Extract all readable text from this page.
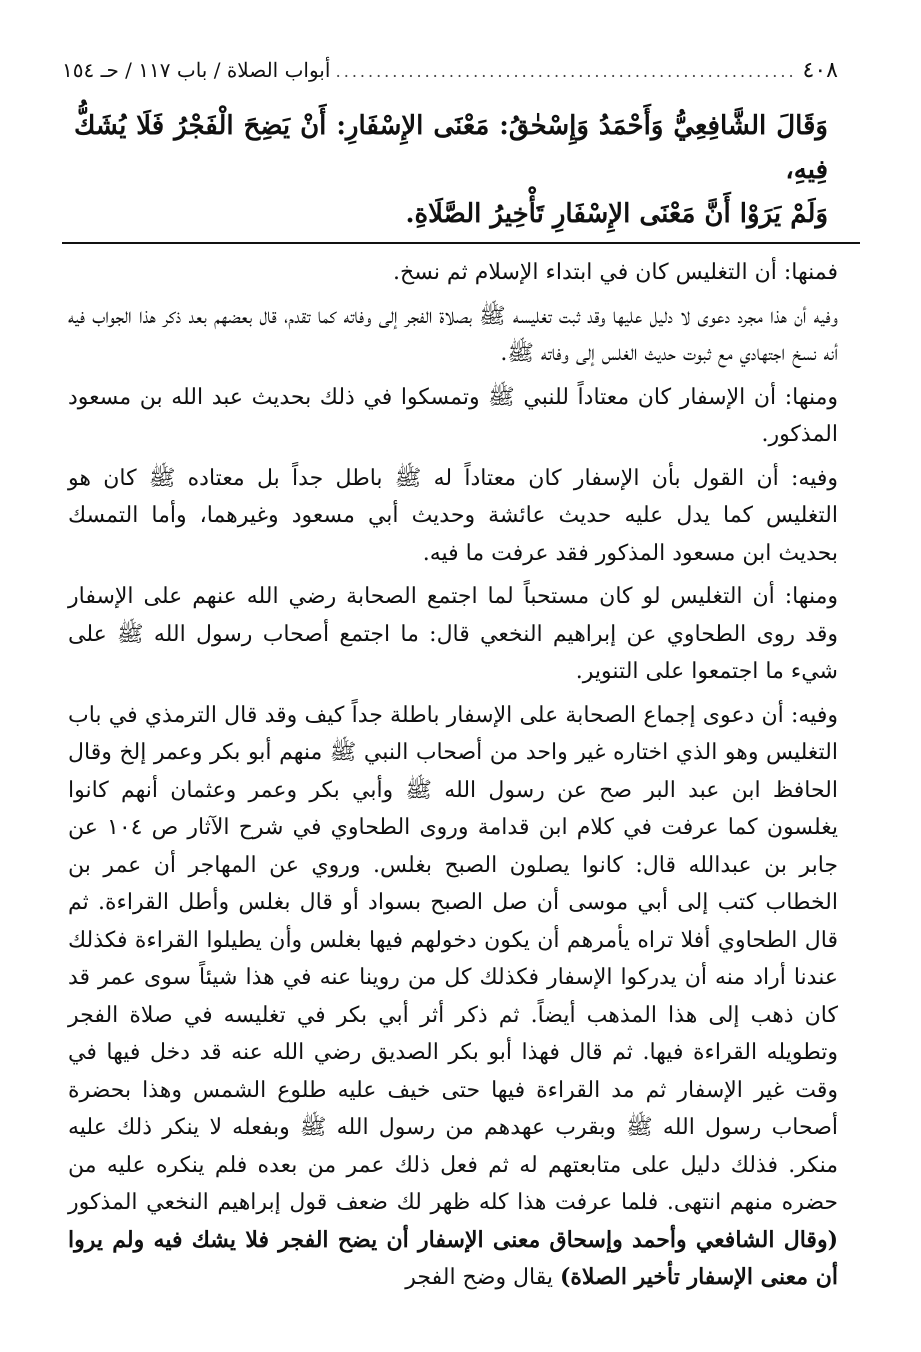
٤٠٨
.....
أبواب الصلاة / باب ١١٧ / حـ ١٥٤

وَقَالَ الشَّافِعِيُّ وَأَحْمَدُ وَإِسْحٰقُ: مَعْنَى الإِسْفَارِ: أَنْ يَضِحَ الْفَجْرُ فَلَا يُشَكُّ فِيهِ،

وَلَمْ يَرَوْا أَنَّ مَعْنَى الإِسْفَارِ تَأْخِيرُ الصَّلَاةِ.

فمنها: أن التغليس كان في ابتداء الإسلام ثم نسخ.

وفيه أن هذا مجرد دعوى لا دليل عليها وقد ثبت تغليسه ﷺ بصلاة الفجر إلى وفاته كما تقدم، قال بعضهم بعد ذكر هذا الجواب فيه أنه نسخ اجتهادي مع ثبوت حديث الغلس إلى وفاته ﷺ.

ومنها: أن الإسفار كان معتاداً للنبي ﷺ وتمسكوا في ذلك بحديث عبد الله بن مسعود المذكور.

وفيه: أن القول بأن الإسفار كان معتاداً له ﷺ باطل جداً بل معتاده ﷺ كان هو التغليس كما يدل عليه حديث عائشة وحديث أبي مسعود وغيرهما، وأما التمسك بحديث ابن مسعود المذكور فقد عرفت ما فيه.

ومنها: أن التغليس لو كان مستحباً لما اجتمع الصحابة رضي الله عنهم على الإسفار وقد روى الطحاوي عن إبراهيم النخعي قال: ما اجتمع أصحاب رسول الله ﷺ على شيء ما اجتمعوا على التنوير.

وفيه: أن دعوى إجماع الصحابة على الإسفار باطلة جداً كيف وقد قال الترمذي في باب التغليس وهو الذي اختاره غير واحد من أصحاب النبي ﷺ منهم أبو بكر وعمر إلخ وقال الحافظ ابن عبد البر صح عن رسول الله ﷺ وأبي بكر وعمر وعثمان أنهم كانوا يغلسون كما عرفت في كلام ابن قدامة وروى الطحاوي في شرح الآثار ص ١٠٤ عن جابر بن عبدالله قال: كانوا يصلون الصبح بغلس. وروي عن المهاجر أن عمر بن الخطاب كتب إلى أبي موسى أن صل الصبح بسواد أو قال بغلس وأطل القراءة. ثم قال الطحاوي أفلا تراه يأمرهم أن يكون دخولهم فيها بغلس وأن يطيلوا القراءة فكذلك عندنا أراد منه أن يدركوا الإسفار فكذلك كل من روينا عنه في هذا شيئاً سوى عمر قد كان ذهب إلى هذا المذهب أيضاً. ثم ذكر أثر أبي بكر في تغليسه في صلاة الفجر وتطويله القراءة فيها. ثم قال فهذا أبو بكر الصديق رضي الله عنه قد دخل فيها في وقت غير الإسفار ثم مد القراءة فيها حتى خيف عليه طلوع الشمس وهذا بحضرة أصحاب رسول الله ﷺ وبقرب عهدهم من رسول الله ﷺ وبفعله لا ينكر ذلك عليه منكر. فذلك دليل على متابعتهم له ثم فعل ذلك عمر من بعده فلم ينكره عليه من حضره منهم انتهى. فلما عرفت هذا كله ظهر لك ضعف قول إبراهيم النخعي المذكور (وقال الشافعي وأحمد وإسحاق معنى الإسفار أن يضح الفجر فلا يشك فيه ولم يروا أن معنى الإسفار تأخير الصلاة) يقال وضح الفجر
